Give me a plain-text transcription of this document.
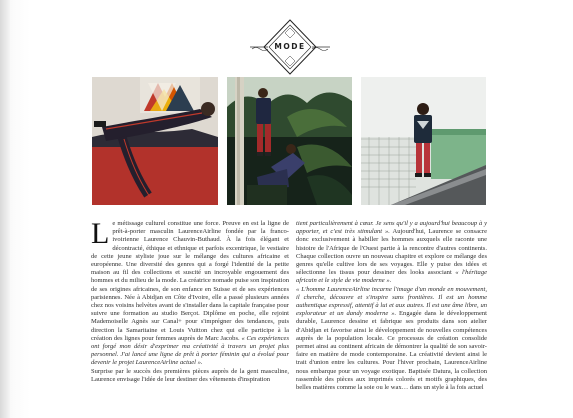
MODE
Le métissage culturel constitue une force. Preuve en est la ligne de prêt-à-porter masculin LaurenceAirline fondée par la franco-ivoirienne Laurence Chauvin-Buthaud. À la fois élégant et décontracté, éthique et ethnique et parfois excentrique, le vestiaire de cette jeune styliste joue sur le mélange des cultures africaine et européenne. Une diversité des genres qui a forgé l'identité de la petite maison au fil des collections et suscité un incroyable engouement des hommes et du milieu de la mode. La créatrice nomade puise son inspiration de ses origines africaines, de son enfance en Suisse et de ses expériences parisiennes. Née à Abidjan en Côte d'Ivoire, elle a passé plusieurs années chez nos voisins helvètes avant de s'installer dans la capitale française pour suivre une formation au studio Berçot. Diplôme en poche, elle rejoint Mademoiselle Agnès sur Canal+ pour s'imprégner des tendances, puis direction la Samaritaine et Louis Vuitton chez qui elle participe à la création des lignes pour femmes auprès de Marc Jacobs. « Ces expériences ont forgé mon désir d'exprimer ma créativité à travers un projet plus personnel. J'ai lancé une ligne de prêt à porter féminin qui a évolué pour devenir le projet LaurenceAirline actuel ».
Surprise par le succès des premières pièces auprès de la gent masculine, Laurence envisage l'idée de leur destiner des vêtements d'inspiration
tient particulièrement à cœur. Je sens qu'il y a aujourd'hui beaucoup à y apporter, et c'est très stimulant ». Aujourd'hui, Laurence se consacre donc exclusivement à habiller les hommes auxquels elle raconte une histoire de l'Afrique de l'Ouest partie à la rencontre d'autres continents. Chaque collection ouvre un nouveau chapitre et explore ce mélange des genres qu'elle cultive lors de ses voyages. Elle y puise des idées et sélectionne les tissus pour dessiner des looks associant « l'héritage africain et le style de vie moderne ».
« L'homme LaurenceAirline incarne l'image d'un monde en mouvement, il cherche, découvre et s'inspire sans frontières. Il est un homme authentique expressif, attentif à lui et aux autres. Il est une âme libre, un explorateur et un dandy moderne ». Engagée dans le développement durable, Laurence dessine et fabrique ses produits dans son atelier d'Abidjan et favorise ainsi le développement de nouvelles compétences auprès de la population locale. Ce processus de création consolide permet ainsi au continent africain de démontrer la qualité de son savoir-faire en matière de mode contemporaine. La créativité devient ainsi le trait d'union entre les cultures. Pour l'hiver prochain, LaurenceAirline nous embarque pour un voyage exotique. Baptisée Datura, la collection rassemble des pièces aux imprimés colorés et motifs graphiques, des belles matières comme la soie ou le wax… dans un style à la fois actuel
